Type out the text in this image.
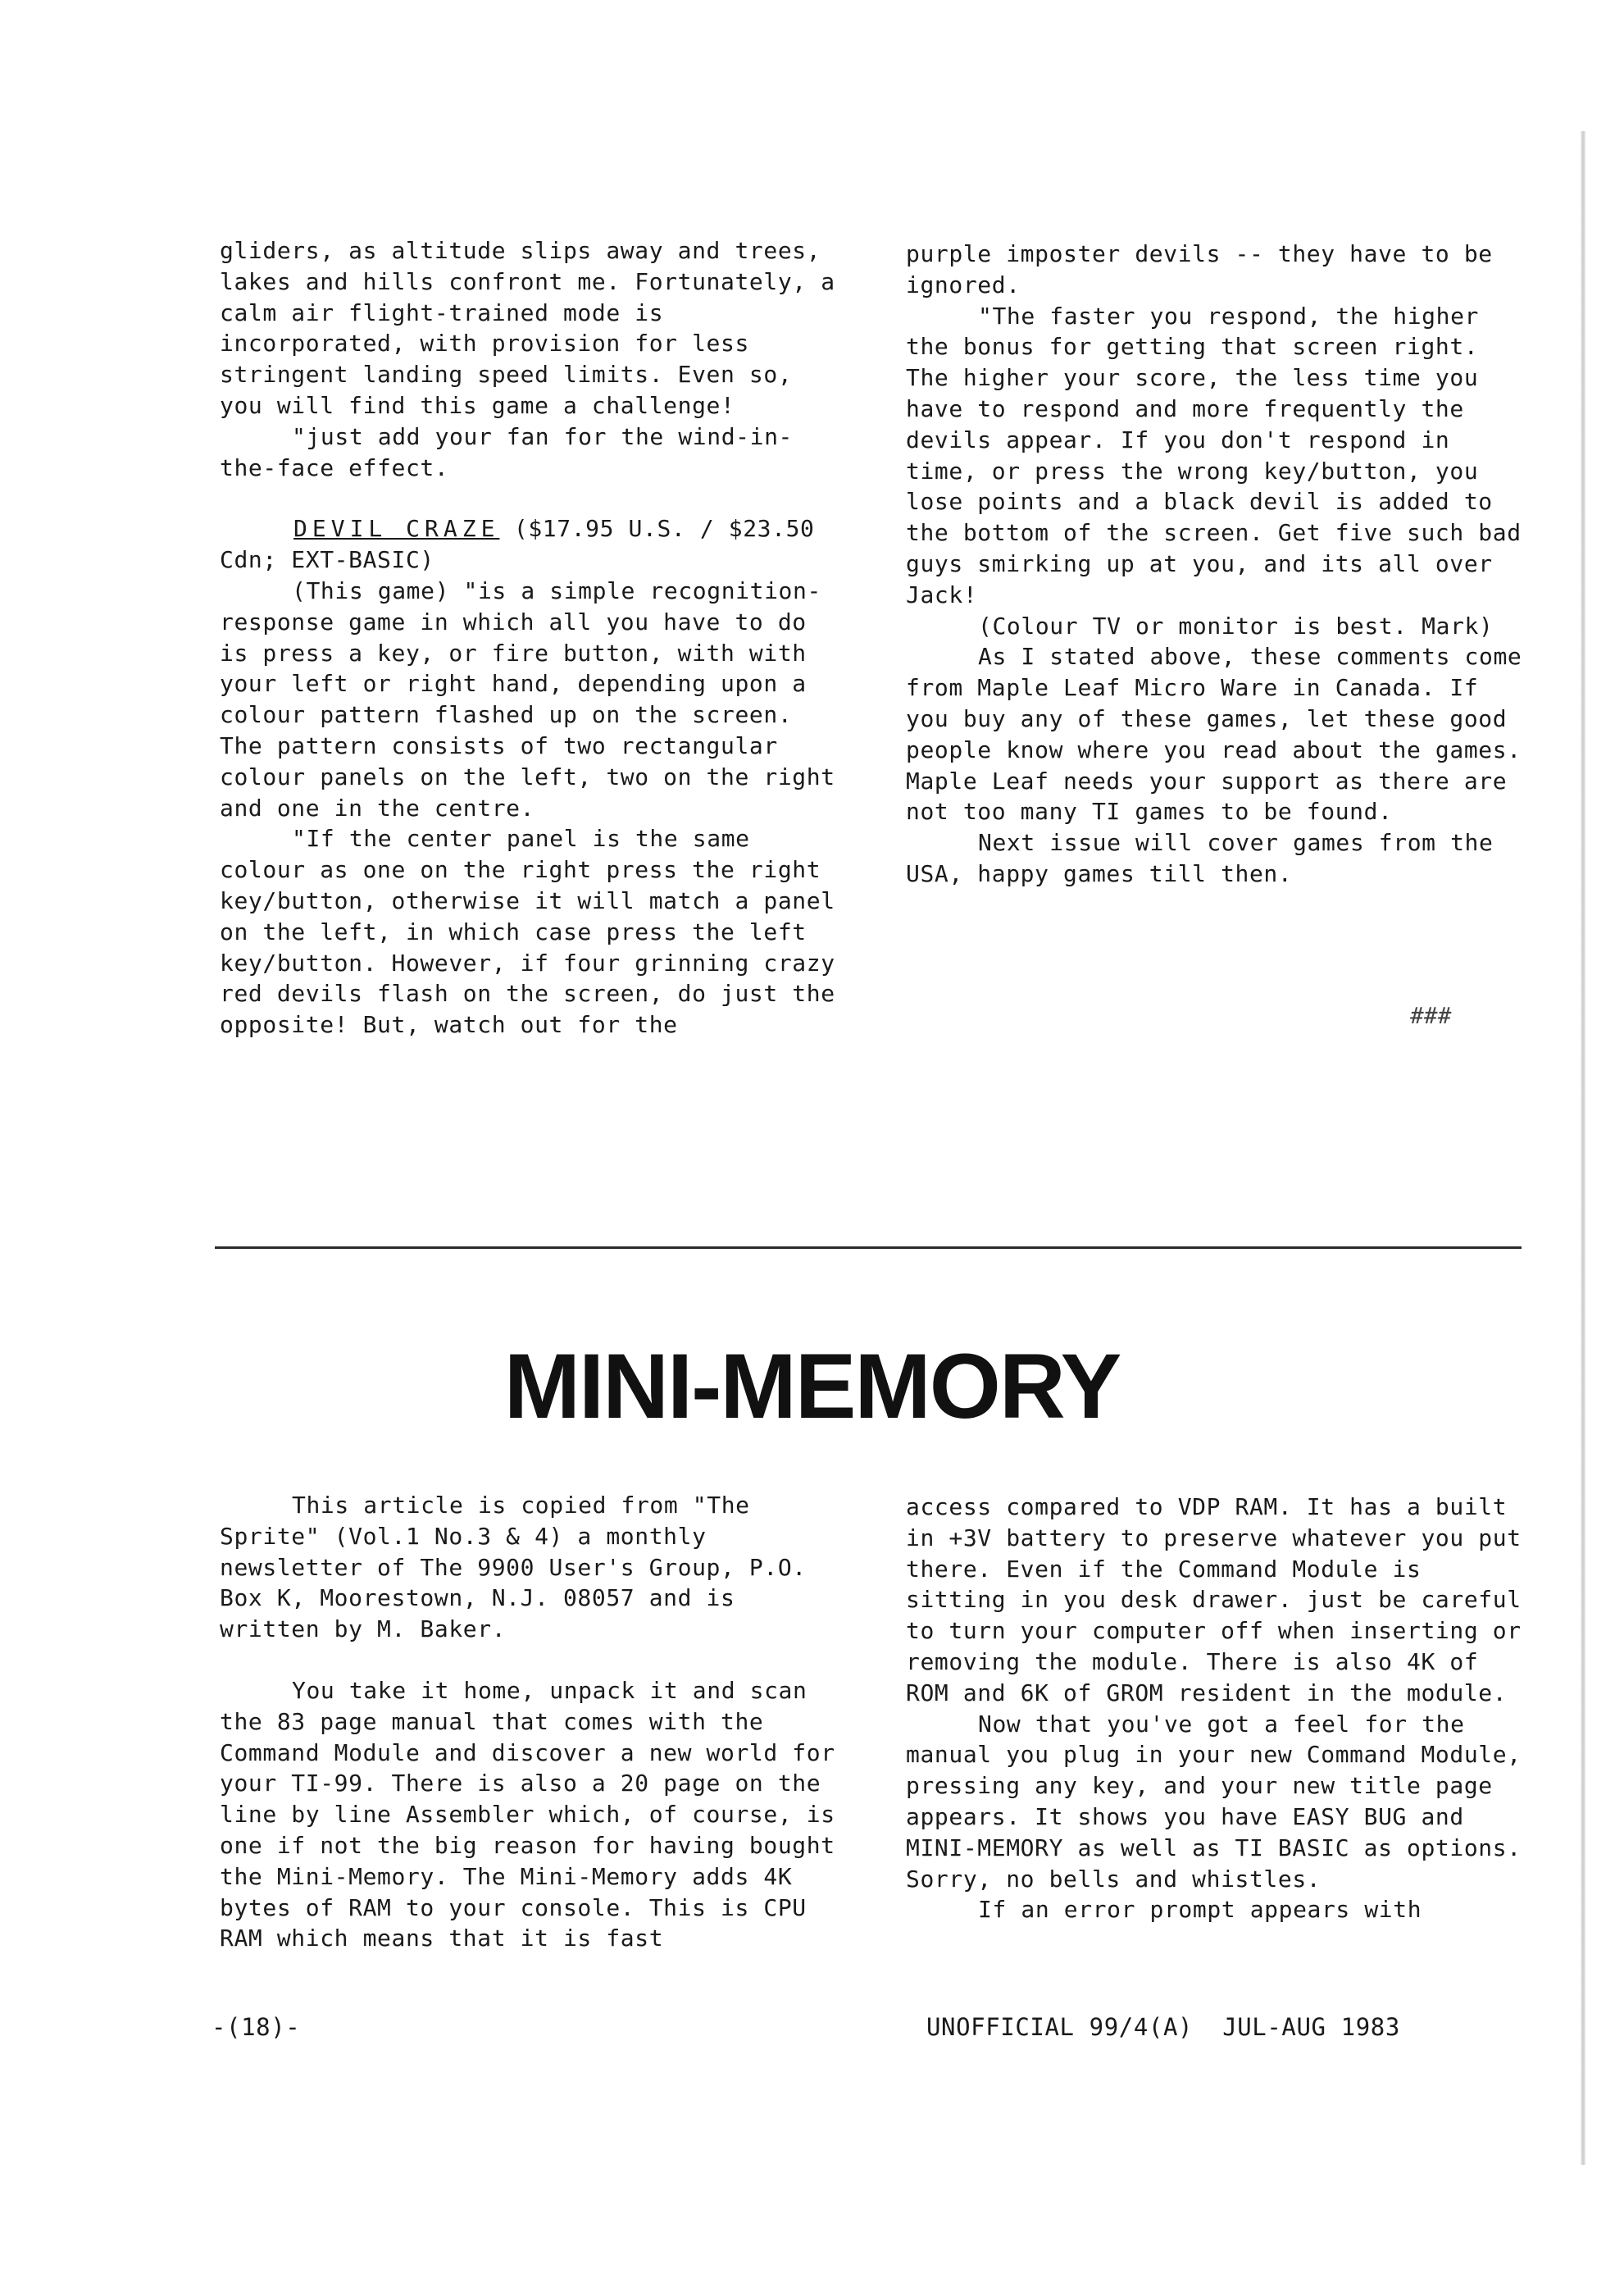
gliders, as altitude slips away and trees, lakes and hills confront me. Fortunately, a calm air flight-trained mode is incorporated, with provision for less stringent landing speed limits. Even so, you will find this game a challenge!

"just add your fan for the wind-in-the-face effect.

DEVIL CRAZE ($17.95 U.S. / $23.50 Cdn; EXT-BASIC)

(This game) "is a simple recognition-response game in which all you have to do is press a key, or fire button, with with your left or right hand, depending upon a colour pattern flashed up on the screen. The pattern consists of two rectangular colour panels on the left, two on the right and one in the centre.

"If the center panel is the same colour as one on the right press the right key/button, otherwise it will match a panel on the left, in which case press the left key/button. However, if four grinning crazy red devils flash on the screen, do just the opposite! But, watch out for the

purple imposter devils -- they have to be ignored.

"The faster you respond, the higher the bonus for getting that screen right. The higher your score, the less time you have to respond and more frequently the devils appear. If you don't respond in time, or press the wrong key/button, you lose points and a black devil is added to the bottom of the screen. Get five such bad guys smirking up at you, and its all over Jack!

(Colour TV or monitor is best. Mark)

As I stated above, these comments come from Maple Leaf Micro Ware in Canada. If you buy any of these games, let these good people know where you read about the games. Maple Leaf needs your support as there are not too many TI games to be found.

Next issue will cover games from the USA, happy games till then.

###
MINI-MEMORY

This article is copied from "The Sprite" (Vol.1 No.3 & 4) a monthly newsletter of The 9900 User's Group, P.O. Box K, Moorestown, N.J. 08057 and is written by M. Baker.

You take it home, unpack it and scan the 83 page manual that comes with the Command Module and discover a new world for your TI-99. There is also a 20 page on the line by line Assembler which, of course, is one if not the big reason for having bought the Mini-Memory. The Mini-Memory adds 4K bytes of RAM to your console. This is CPU RAM which means that it is fast

access compared to VDP RAM. It has a built in +3V battery to preserve whatever you put there. Even if the Command Module is sitting in you desk drawer. just be careful to turn your computer off when inserting or removing the module. There is also 4K of ROM and 6K of GROM resident in the module.

Now that you've got a feel for the manual you plug in your new Command Module, pressing any key, and your new title page appears. It shows you have EASY BUG and MINI-MEMORY as well as TI BASIC as options. Sorry, no bells and whistles.

If an error prompt appears with

-(18)-	UNOFFICIAL 99/4(A)  JUL-AUG 1983
